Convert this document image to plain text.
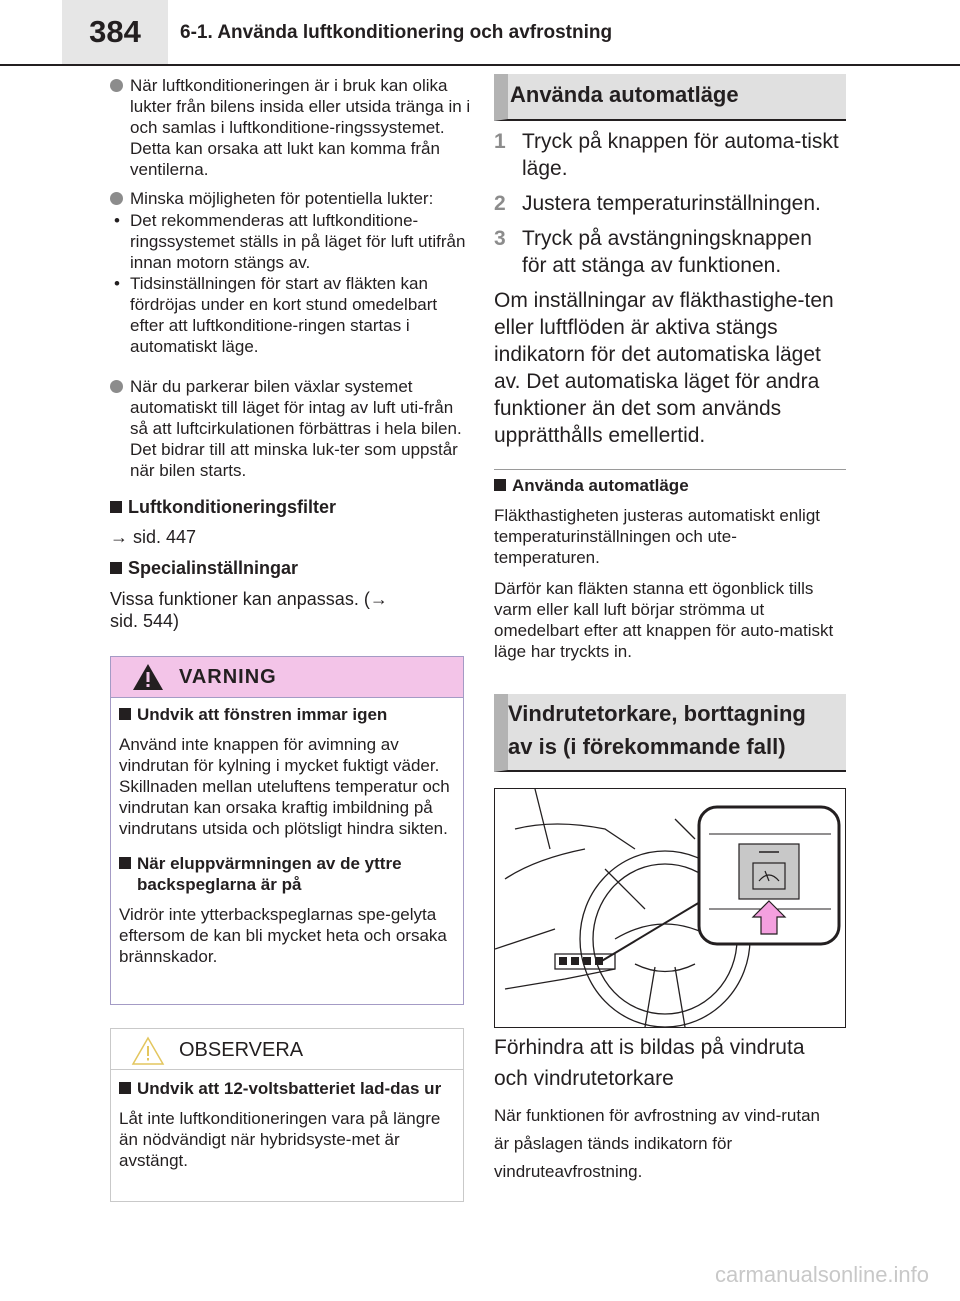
384	6-1. Använda luftkonditionering och avfrostning
När luftkonditioneringen är i bruk kan olika lukter från bilens insida eller utsida tränga in i och samlas i luftkonditione-ringssystemet. Detta kan orsaka att lukt kan komma från ventilerna.
Minska möjligheten för potentiella lukter:
• Det rekommenderas att luftkonditione-ringssystemet ställs in på läget för luft utifrån innan motorn stängs av.
• Tidsinställningen för start av fläkten kan fördröjas under en kort stund omedelbart efter att luftkonditione-ringen startas i automatiskt läge.
När du parkerar bilen växlar systemet automatiskt till läget för intag av luft uti-från så att luftcirkulationen förbättras i hela bilen. Det bidrar till att minska luk-ter som uppstår när bilen starts.
Luftkonditioneringsfilter
→ sid. 447
Specialinställningar
Vissa funktioner kan anpassas. (→ sid. 544)
VARNING
Undvik att fönstren immar igen
Använd inte knappen för avimning av vindrutan för kylning i mycket fuktigt väder. Skillnaden mellan uteluftens temperatur och vindrutan kan orsaka kraftig imbildning på vindrutans utsida och plötsligt hindra sikten.
När eluppvärmningen av de yttre backspeglarna är på
Vidrör inte ytterbackspeglarnas spe-gelyta eftersom de kan bli mycket heta och orsaka brännskador.
OBSERVERA
Undvik att 12-voltsbatteriet lad-das ur
Låt inte luftkonditioneringen vara på längre än nödvändigt när hybridsyste-met är avstängt.
Använda automatläge
1 Tryck på knappen för automa-tiskt läge.
2 Justera temperaturinställningen.
3 Tryck på avstängningsknappen för att stänga av funktionen.
Om inställningar av fläkthastighe-ten eller luftflöden är aktiva stängs indikatorn för det automatiska läget av. Det automatiska läget för andra funktioner än det som används upprätthålls emellertid.
Använda automatläge
Fläkthastigheten justeras automatiskt enligt temperaturinställningen och ute-temperaturen.
Därför kan fläkten stanna ett ögonblick tills varm eller kall luft börjar strömma ut omedelbart efter att knappen för auto-matiskt läge har tryckts in.
Vindrutetorkare, borttagning
av is (i förekommande fall)
Förhindra att is bildas på vindruta och vindrutetorkare
När funktionen för avfrostning av vind-rutan är påslagen tänds indikatorn för vindruteavfrostning.
carmanualsonline.info
